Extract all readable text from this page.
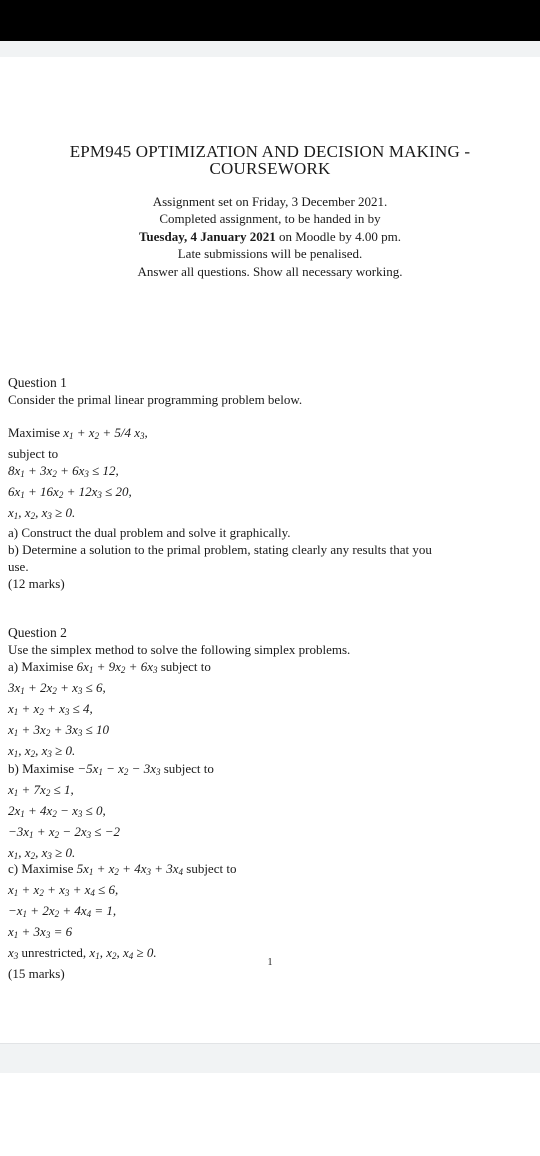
EPM945 OPTIMIZATION AND DECISION MAKING -
COURSEWORK
Assignment set on Friday, 3 December 2021.
Completed assignment, to be handed in by
Tuesday, 4 January 2021 on Moodle by 4.00 pm.
Late submissions will be penalised.
Answer all questions. Show all necessary working.
Question 1
Consider the primal linear programming problem below.
Maximise $x_1 + x_2 + 5/4$ $x_3$,
subject to
$8x_1 + 3x_2 + 6x_3 \le 12$,
$6x_1 + 16x_2 + 12x_3 \le 20$,
$x_1$, $x_2$, $x_3 \ge 0$.
a) Construct the dual problem and solve it graphically.
b) Determine a solution to the primal problem, stating clearly any results that you
use.
(12 marks)
Question 2
Use the simplex method to solve the following simplex problems.
a) Maximise $6x_1 + 9x_2 + 6x_3$ subject to
$3x_1 + 2x_2 + x_3 \le 6$,
$x_1 + x_2 + x_3 \le 4$,
$x_1 + 3x_2 + 3x_3 \le 10$
$x_1$, $x_2$, $x_3 \ge 0$.
b) Maximise $-5x_1 - x_2 - 3x_3$ subject to
$x_1 + 7x_2 \le 1$,
$2x_1 + 4x_2 - x_3 \le 0$,
$-3x_1 + x_2 - 2x_3 \le -2$
$x_1$, $x_2$, $x_3 \ge 0$.
c) Maximise $5x_1 + x_2 + 4x_3 + 3x_4$ subject to
$x_1 + x_2 + x_3 + x_4 \le 6$,
$-x_1 + 2x_2 + 4x_4 = 1$,
$x_1 + 3x_3 = 6$
$x_3$ unrestricted, $x_1$, $x_2$, $x_4 \ge 0$.
(15 marks)
1
